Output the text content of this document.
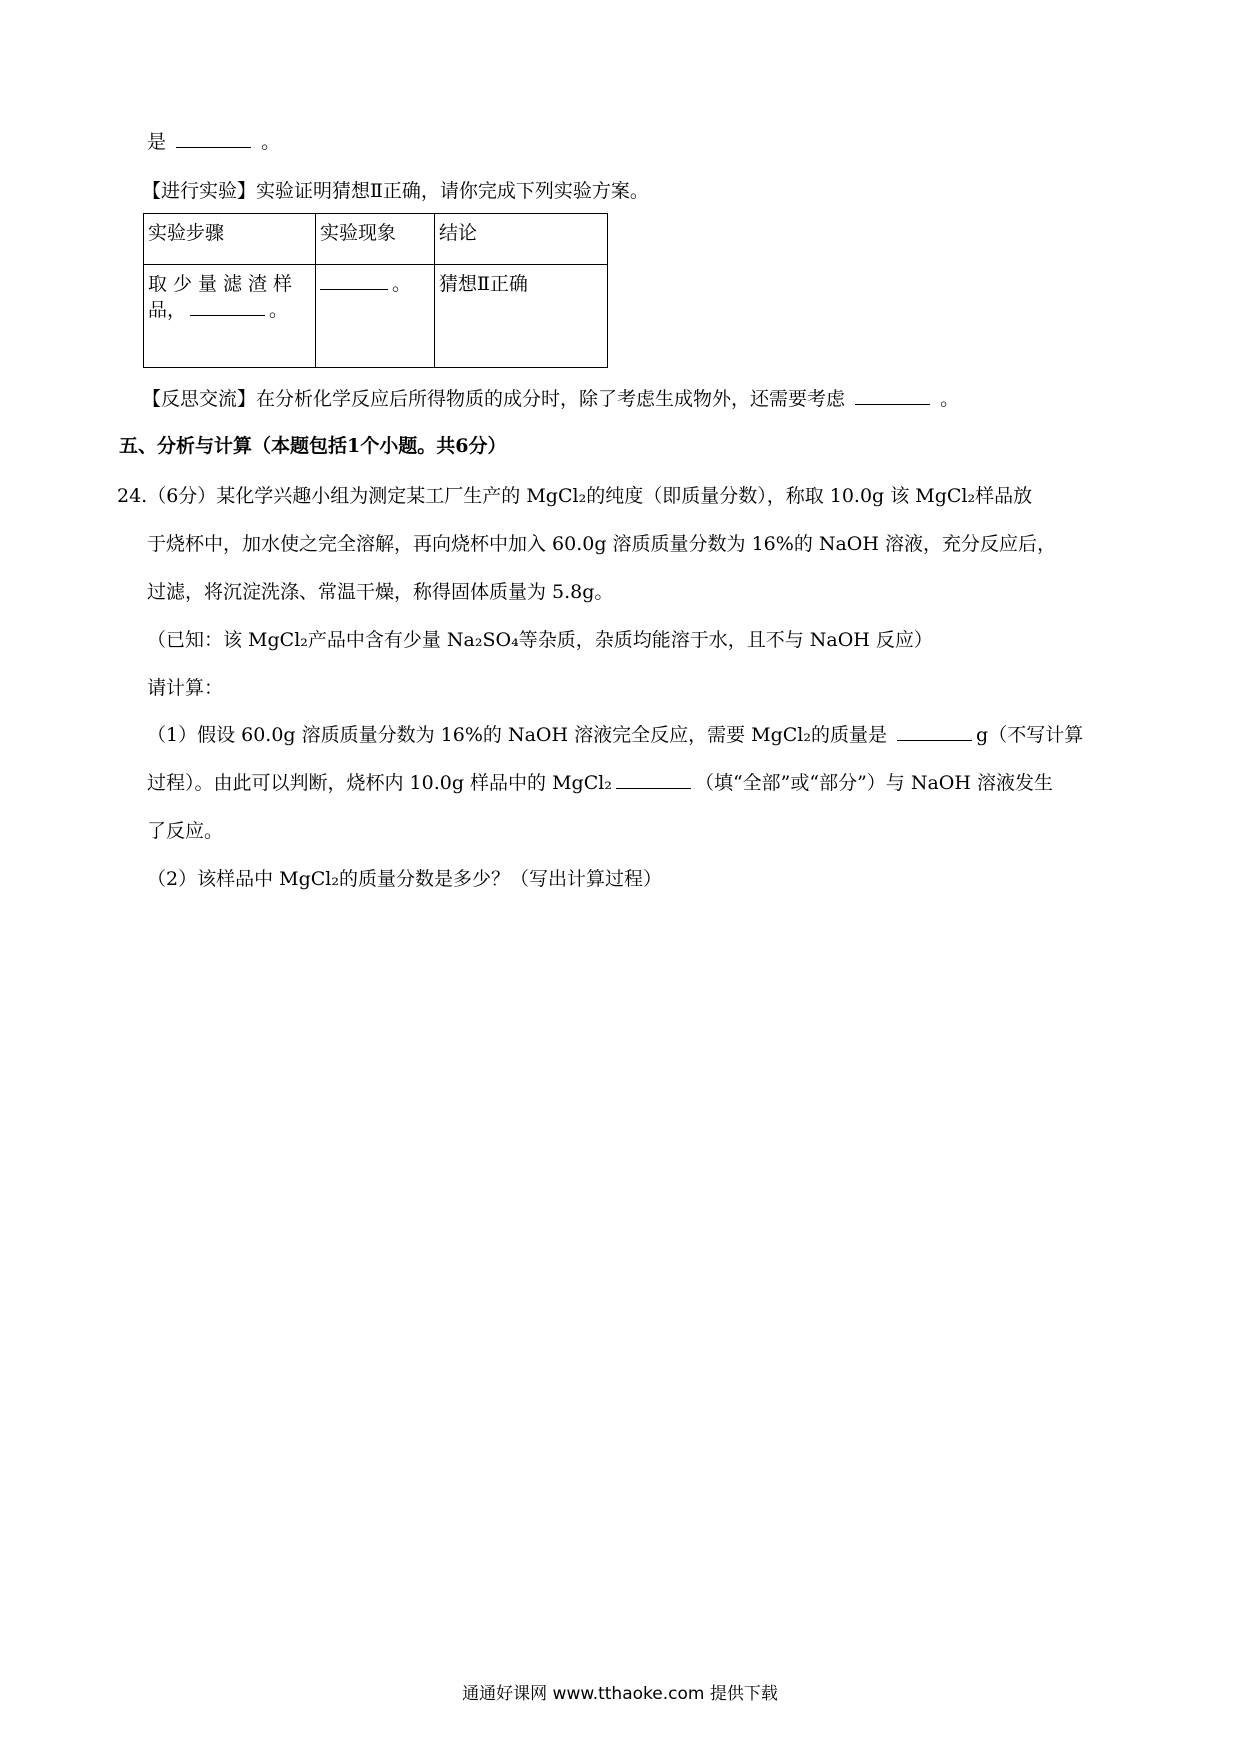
是	。
【进行实验】实验证明猜想Ⅱ正确，请你完成下列实验方案。
实验步骤	实验现象	结论

取少量滤渣样
品， 。	。	猜想Ⅱ正确
【反思交流】在分析化学反应后所得物质的成分时，除了考虑生成物外，还需要考虑	。
五、分析与计算（本题包括1个小题。共6分）
24.（6分）某化学兴趣小组为测定某工厂生产的 MgCl₂的纯度（即质量分数），称取 10.0g 该 MgCl₂样品放
于烧杯中，加水使之完全溶解，再向烧杯中加入 60.0g 溶质质量分数为 16%的 NaOH 溶液，充分反应后，
过滤，将沉淀洗涤、常温干燥，称得固体质量为 5.8g。
（已知：该 MgCl₂产品中含有少量 Na₂SO₄等杂质，杂质均能溶于水，且不与 NaOH 反应）
请计算：
（1）假设 60.0g 溶质质量分数为 16%的 NaOH 溶液完全反应，需要 MgCl₂的质量是	g（不写计算
过程）。由此可以判断，烧杯内 10.0g 样品中的 MgCl₂	（填“全部”或“部分”）与 NaOH 溶液发生
了反应。
（2）该样品中 MgCl₂的质量分数是多少？（写出计算过程）
通通好课网 www.tthaoke.com 提供下载
